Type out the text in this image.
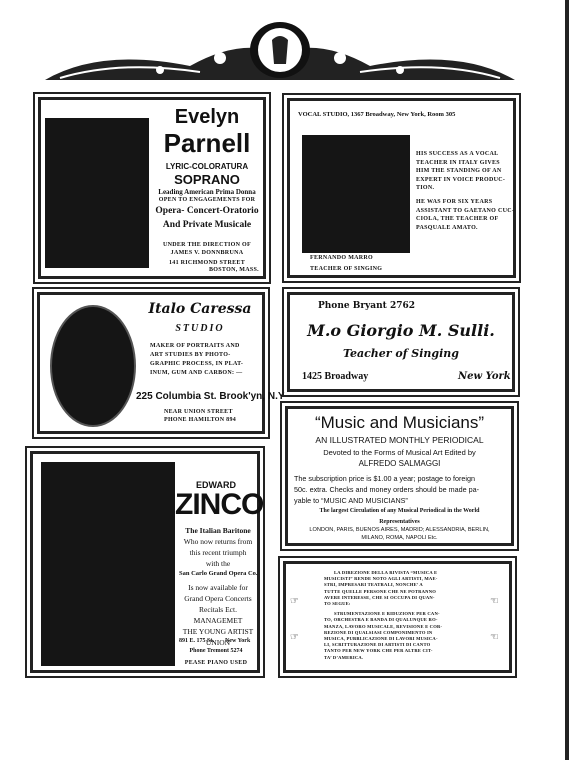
Evelyn

Parnell

LYRIC-COLORATURA

SOPRANO

Leading American Prima Donna

OPEN TO ENGAGEMENTS FOR

Opera- Concert-Oratorio

And Private Musicale

UNDER THE DIRECTION OF

JAMES V. DONNBRUNA

141 RICHMOND STREET

BOSTON, MASS.

VOCAL STUDIO, 1367 Broadway, New York, Room 305

HIS SUCCESS AS A VOCAL

TEACHER IN ITALY GIVES

HIM THE STANDING OF AN

EXPERT IN VOICE PRODUC-

TION.

HE WAS FOR SIX YEARS

ASSISTANT TO GAETANO CUC-

CIOLA, THE TEACHER OF

PASQUALE AMATO.

FERNANDO MARRO

TEACHER OF SINGING

Italo Caressa

STUDIO

MAKER OF PORTRAITS AND

ART STUDIES BY PHOTO-

GRAPHIC PROCESS, IN PLAT-

INUM, GUM AND CARBON: —

225 Columbia St. Brook'yn, N.Y

NEAR UNION STREET

PHONE HAMILTON 894

Phone Bryant 2762

M.o Giorgio M. Sulli.

Teacher of Singing

1425 Broadway	New York

“Music and Musicians”

AN ILLUSTRATED MONTHLY PERIODICAL

Devoted to the Forms of Musical Art Edited by

ALFREDO SALMAGGI

The subscription price is $1.00 a year; postage to foreign

50c. extra. Checks and money orders should be made pa-

yable to “MUSIC AND MUSICIANS”

The largest Circulation of any Musical Periodical in the World

Representatives

LONDON, PARIS, BUENOS AIRES, MADRID; ALESSANDRIA, BERLIN,

MILANO, ROMA, NAPOLI Etc.

EDWARD

ZINCO

The Italian Baritone

Who now returns from

this recent triumph

with the

San Carlo Grand Opera Co.

Is now available for

Grand Opera Concerts

Recitals Ect.

MANAGEMET

THE YOUNG ARTIST

UNION

891 E. 175 St. New York

Phone Tremont 5274

PEASE PIANO USED

☞	☜
☞	☜

LA DIREZIONE DELLA RIVISTA “MUSICA E

MUSICISTI” RENDE NOTO AGLI ARTISTI, MAE-

STRI, IMPRESARI TEATRALI, NONCHE’ A

TUTTE QUELLE PERSONE CHE NE POTRANNO

AVERE INTERESSE, CHE SI OCCUPA DI QUAN-

TO SEGUE:

STRUMENTAZIONE E RIDUZIONE PER CAN-

TO, ORCHESTRA E BANDA DI QUALUNQUE RO-

MANZA, LAVORO MUSICALE, REVISIONE E COR-

REZIONE DI QUALSIASI COMPONIMENTO IN

MUSICA, PUBBLICAZIONE DI LAVORI MUSICA-

LI, SCRITTURAZIONE DI ARTISTI DI CANTO

TANTO PER NEW YORK CHE PER ALTRE CIT-

TA’ D’AMERICA.
